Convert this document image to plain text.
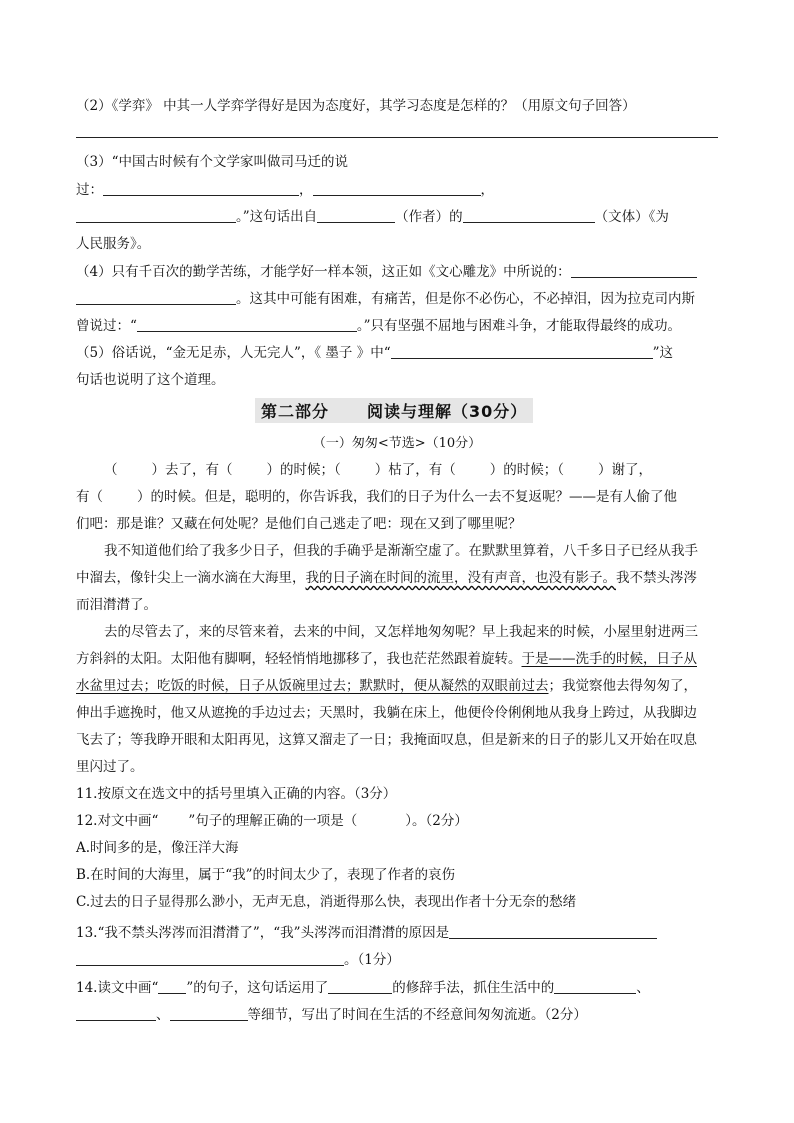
（2）《学弈》 中其一人学弈学得好是因为态度好，其学习态度是怎样的？（用原文句子回答）
（3）“中国古时候有个文学家叫做司马迁的说
过：	，	，
。”这句话出自	（作者）的	（文体）《为
人民服务》。
（4）只有千百次的勤学苦练，才能学好一样本领，这正如《文心雕龙》中所说的：
。这其中可能有困难，有痛苦，但是你不必伤心，不必掉泪，因为拉克司内斯
曾说过：“	。”只有坚强不屈地与困难斗争，才能取得最终的成功。
（5）俗话说，“金无足赤，人无完人”，《 墨子 》中“	”这
句话也说明了这个道理。
第二部分 阅读与理解（30分）
（一）匆匆<节选>（10分）
（	）去了，有（	）的时候；（	）枯了，有（	）的时候；（	）谢了，
有（	）的时候。但是，聪明的，你告诉我，我们的日子为什么一去不复返呢？——是有人偷了他
们吧：那是谁？又藏在何处呢？是他们自己逃走了吧：现在又到了哪里呢？
我不知道他们给了我多少日子，但我的手确乎是渐渐空虚了。在默默里算着，八千多日子已经从我手
中溜去，像针尖上一滴水滴在大海里，我的日子滴在时间的流里，没有声音，也没有影子。我不禁头涔涔
而泪潸潸了。
去的尽管去了，来的尽管来着，去来的中间，又怎样地匆匆呢？早上我起来的时候，小屋里射进两三
方斜斜的太阳。太阳他有脚啊，轻轻悄悄地挪移了，我也茫茫然跟着旋转。于是——洗手的时候，日子从
水盆里过去；吃饭的时候，日子从饭碗里过去；默默时，便从凝然的双眼前过去；我觉察他去得匆匆了，
伸出手遮挽时，他又从遮挽的手边过去；天黑时，我躺在床上，他便伶伶俐俐地从我身上跨过，从我脚边
飞去了；等我睁开眼和太阳再见，这算又溜走了一日；我掩面叹息，但是新来的日子的影儿又开始在叹息
里闪过了。
11.按原文在选文中的括号里填入正确的内容。（3分）
12.对文中画“ ”句子的理解正确的一项是（	）。（2分）
A.时间多的是，像汪洋大海
B.在时间的大海里，属于“我”的时间太少了，表现了作者的哀伤
C.过去的日子显得那么渺小，无声无息，消逝得那么快，表现出作者十分无奈的愁绪
13.“我不禁头涔涔而泪潸潸了”，“我”头涔涔而泪潸潸的原因是
。（1分）
14.读文中画“ ”的句子，这句话运用了	的修辞手法，抓住生活中的	、
、	等细节，写出了时间在生活的不经意间匆匆流逝。（2分）
